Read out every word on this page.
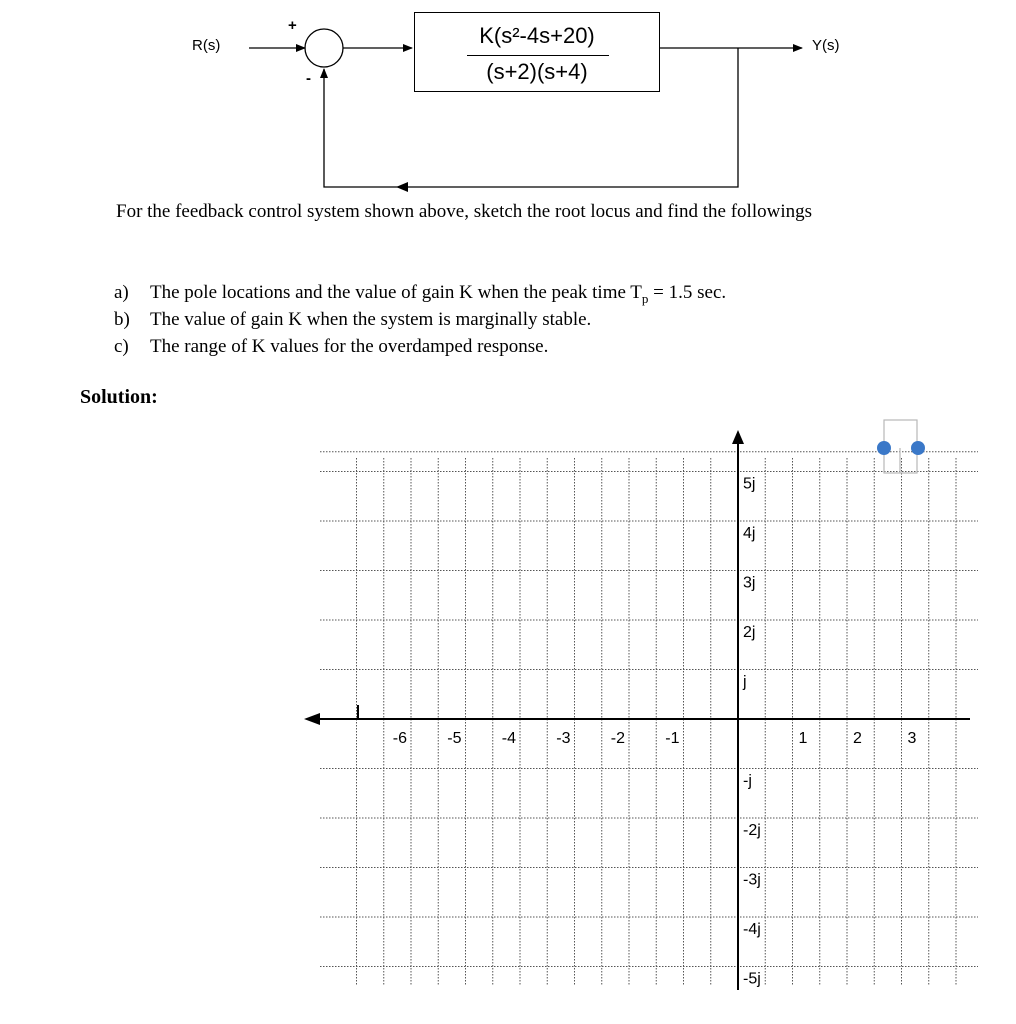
R(s)	Y(s)
+
-
K(s²-4s+20)
(s+2)(s+4)
For the feedback control system shown above, sketch the root locus and find the followings
a)	The pole locations and the value of gain K when the peak time $T_p = 1.5$ sec.
b)	The value of gain K when the system is marginally stable.
c)	The range of K values for the overdamped response.
Solution:
-6	-5	-4	-3	-2	-1	1	2	3
5j
4j
3j
2j
j
-j
-2j
-3j
-4j
-5j
